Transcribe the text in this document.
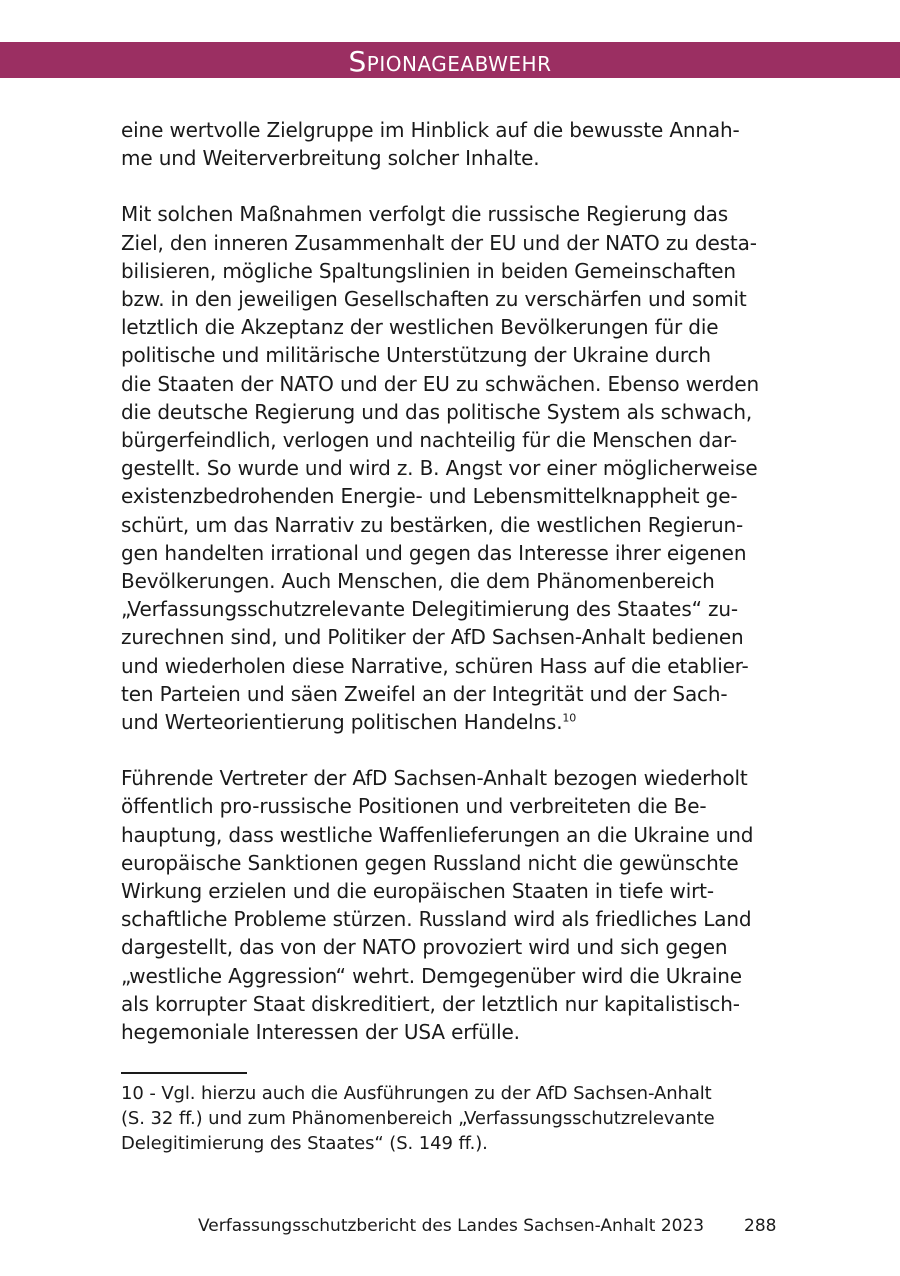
Spionageabwehr

eine wertvolle Zielgruppe im Hinblick auf die bewusste Annah-
me und Weiterverbreitung solcher Inhalte.

Mit solchen Maßnahmen verfolgt die russische Regierung das
Ziel, den inneren Zusammenhalt der EU und der NATO zu desta-
bilisieren, mögliche Spaltungslinien in beiden Gemeinschaften
bzw. in den jeweiligen Gesellschaften zu verschärfen und somit
letztlich die Akzeptanz der westlichen Bevölkerungen für die
politische und militärische Unterstützung der Ukraine durch
die Staaten der NATO und der EU zu schwächen. Ebenso werden
die deutsche Regierung und das politische System als schwach,
bürgerfeindlich, verlogen und nachteilig für die Menschen dar-
gestellt. So wurde und wird z. B. Angst vor einer möglicherweise
existenzbedrohenden Energie- und Lebensmittelknappheit ge-
schürt, um das Narrativ zu bestärken, die westlichen Regierun-
gen handelten irrational und gegen das Interesse ihrer eigenen
Bevölkerungen. Auch Menschen, die dem Phänomenbereich
„Verfassungsschutzrelevante Delegitimierung des Staates“ zu-
zurechnen sind, und Politiker der AfD Sachsen-Anhalt bedienen
und wiederholen diese Narrative, schüren Hass auf die etablier-
ten Parteien und säen Zweifel an der Integrität und der Sach-
und Werteorientierung politischen Handelns.$^{10}$

Führende Vertreter der AfD Sachsen-Anhalt bezogen wiederholt
öffentlich pro-russische Positionen und verbreiteten die Be-
hauptung, dass westliche Waffenlieferungen an die Ukraine und
europäische Sanktionen gegen Russland nicht die gewünschte
Wirkung erzielen und die europäischen Staaten in tiefe wirt-
schaftliche Probleme stürzen. Russland wird als friedliches Land
dargestellt, das von der NATO provoziert wird und sich gegen
„westliche Aggression“ wehrt. Demgegenüber wird die Ukraine
als korrupter Staat diskreditiert, der letztlich nur kapitalistisch-
hegemoniale Interessen der USA erfülle.

10 - Vgl. hierzu auch die Ausführungen zu der AfD Sachsen-Anhalt
(S. 32 ff.) und zum Phänomenbereich „Verfassungsschutzrelevante
Delegitimierung des Staates“ (S. 149 ff.).
Verfassungsschutzbericht des Landes Sachsen-Anhalt 2023 288
